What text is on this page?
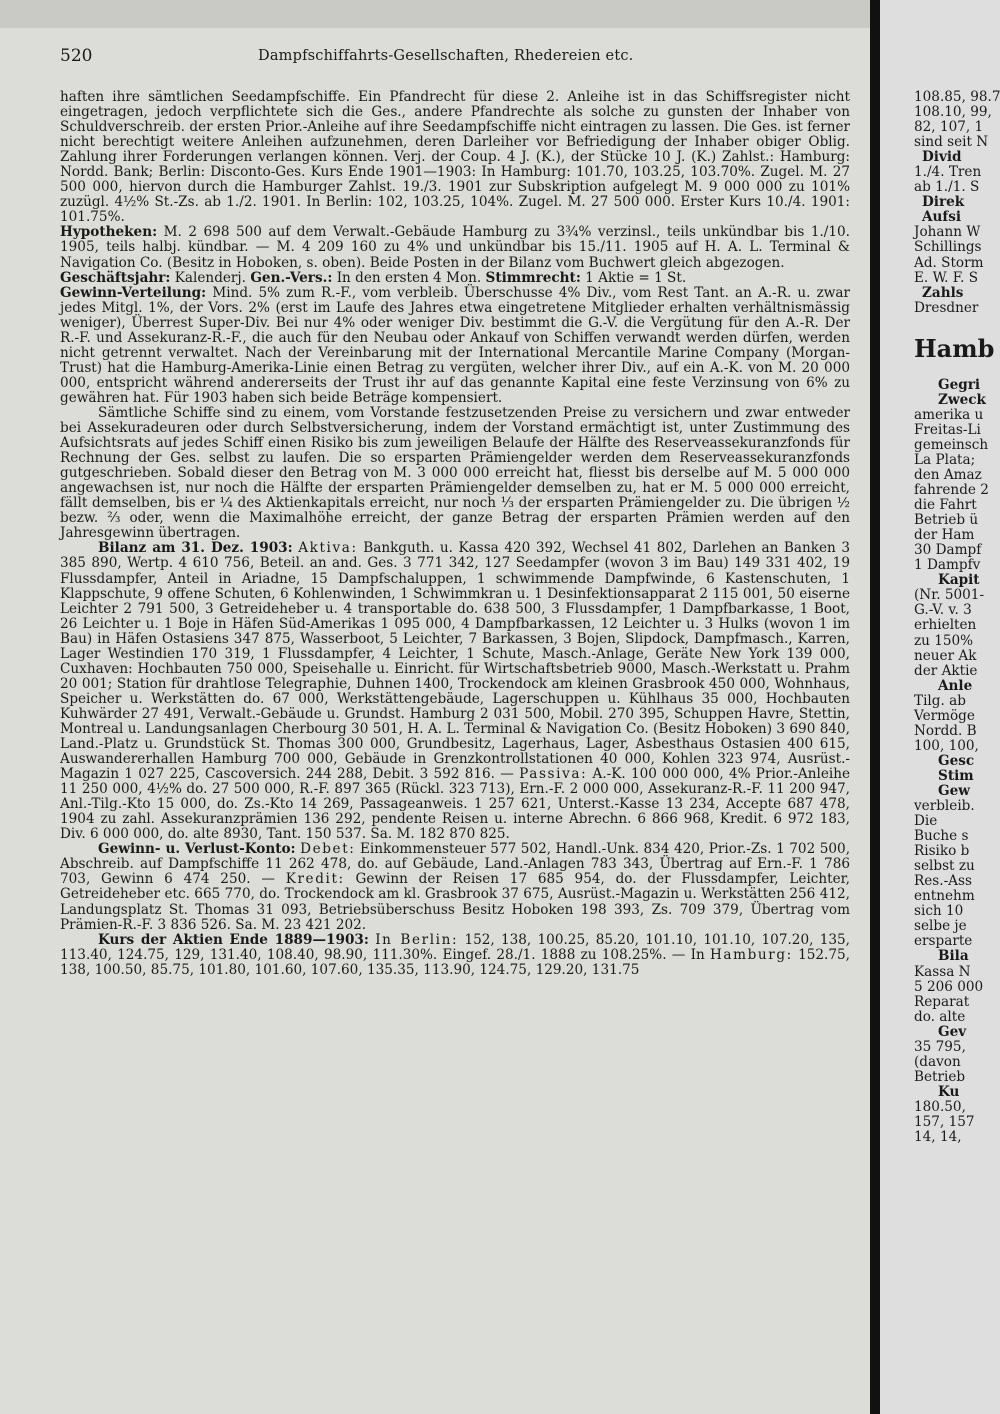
520	Dampfschiffahrts-Gesellschaften, Rhedereien etc.

haften ihre sämtlichen Seedampfschiffe. Ein Pfandrecht für diese 2. Anleihe ist in das Schiffsregister nicht eingetragen, jedoch verpflichtete sich die Ges., andere Pfandrechte als solche zu gunsten der Inhaber von Schuldverschreib. der ersten Prior.-Anleihe auf ihre Seedampfschiffe nicht eintragen zu lassen. Die Ges. ist ferner nicht berechtigt weitere Anleihen aufzunehmen, deren Darleiher vor Befriedigung der Inhaber obiger Oblig. Zahlung ihrer Forderungen verlangen können. Verj. der Coup. 4 J. (K.), der Stücke 10 J. (K.) Zahlst.: Hamburg: Nordd. Bank; Berlin: Disconto-Ges. Kurs Ende 1901—1903: In Hamburg: 101.70, 103.25, 103.70%. Zugel. M. 27 500 000, hiervon durch die Hamburger Zahlst. 19./3. 1901 zur Subskription aufgelegt M. 9 000 000 zu 101% zuzügl. 4½% St.-Zs. ab 1./2. 1901. In Berlin: 102, 103.25, 104%. Zugel. M. 27 500 000. Erster Kurs 10./4. 1901: 101.75%.

Hypotheken: M. 2 698 500 auf dem Verwalt.-Gebäude Hamburg zu 3¾% verzinsl., teils unkündbar bis 1./10. 1905, teils halbj. kündbar. — M. 4 209 160 zu 4% und unkündbar bis 15./11. 1905 auf H. A. L. Terminal & Navigation Co. (Besitz in Hoboken, s. oben). Beide Posten in der Bilanz vom Buchwert gleich abgezogen.

Geschäftsjahr: Kalenderj. Gen.-Vers.: In den ersten 4 Mon. Stimmrecht: 1 Aktie = 1 St.

Gewinn-Verteilung: Mind. 5% zum R.-F., vom verbleib. Überschusse 4% Div., vom Rest Tant. an A.-R. u. zwar jedes Mitgl. 1%, der Vors. 2% (erst im Laufe des Jahres etwa eingetretene Mitglieder erhalten verhältnismässig weniger), Überrest Super-Div. Bei nur 4% oder weniger Div. bestimmt die G.-V. die Vergütung für den A.-R. Der R.-F. und Assekuranz-R.-F., die auch für den Neubau oder Ankauf von Schiffen verwandt werden dürfen, werden nicht getrennt verwaltet. Nach der Vereinbarung mit der International Mercantile Marine Company (Morgan-Trust) hat die Hamburg-Amerika-Linie einen Betrag zu vergüten, welcher ihrer Div., auf ein A.-K. von M. 20 000 000, entspricht während andererseits der Trust ihr auf das genannte Kapital eine feste Verzinsung von 6% zu gewähren hat. Für 1903 haben sich beide Beträge kompensiert.

Sämtliche Schiffe sind zu einem, vom Vorstande festzusetzenden Preise zu versichern und zwar entweder bei Assekuradeuren oder durch Selbstversicherung, indem der Vorstand ermächtigt ist, unter Zustimmung des Aufsichtsrats auf jedes Schiff einen Risiko bis zum jeweiligen Belaufe der Hälfte des Reserveassekuranzfonds für Rechnung der Ges. selbst zu laufen. Die so ersparten Prämiengelder werden dem Reserveassekuranzfonds gutgeschrieben. Sobald dieser den Betrag von M. 3 000 000 erreicht hat, fliesst bis derselbe auf M. 5 000 000 angewachsen ist, nur noch die Hälfte der ersparten Prämiengelder demselben zu, hat er M. 5 000 000 erreicht, fällt demselben, bis er ¼ des Aktienkapitals erreicht, nur noch ⅓ der ersparten Prämiengelder zu. Die übrigen ½ bezw. ⅔ oder, wenn die Maximalhöhe erreicht, der ganze Betrag der ersparten Prämien werden auf den Jahresgewinn übertragen.

Bilanz am 31. Dez. 1903: Aktiva: Bankguth. u. Kassa 420 392, Wechsel 41 802, Darlehen an Banken 3 385 890, Wertp. 4 610 756, Beteil. an and. Ges. 3 771 342, 127 Seedampfer (wovon 3 im Bau) 149 331 402, 19 Flussdampfer, Anteil in Ariadne, 15 Dampfschaluppen, 1 schwimmende Dampfwinde, 6 Kastenschuten, 1 Klappschute, 9 offene Schuten, 6 Kohlenwinden, 1 Schwimmkran u. 1 Desinfektionsapparat 2 115 001, 50 eiserne Leichter 2 791 500, 3 Getreideheber u. 4 transportable do. 638 500, 3 Flussdampfer, 1 Dampfbarkasse, 1 Boot, 26 Leichter u. 1 Boje in Häfen Süd-Amerikas 1 095 000, 4 Dampfbarkassen, 12 Leichter u. 3 Hulks (wovon 1 im Bau) in Häfen Ostasiens 347 875, Wasserboot, 5 Leichter, 7 Barkassen, 3 Bojen, Slipdock, Dampfmasch., Karren, Lager Westindien 170 319, 1 Flussdampfer, 4 Leichter, 1 Schute, Masch.-Anlage, Geräte New York 139 000, Cuxhaven: Hochbauten 750 000, Speisehalle u. Einricht. für Wirtschaftsbetrieb 9000, Masch.-Werkstatt u. Prahm 20 001; Station für drahtlose Telegraphie, Duhnen 1400, Trockendock am kleinen Grasbrook 450 000, Wohnhaus, Speicher u. Werkstätten do. 67 000, Werkstättengebäude, Lagerschuppen u. Kühlhaus 35 000, Hochbauten Kuhwärder 27 491, Verwalt.-Gebäude u. Grundst. Hamburg 2 031 500, Mobil. 270 395, Schuppen Havre, Stettin, Montreal u. Landungsanlagen Cherbourg 30 501, H. A. L. Terminal & Navigation Co. (Besitz Hoboken) 3 690 840, Land.-Platz u. Grundstück St. Thomas 300 000, Grundbesitz, Lagerhaus, Lager, Asbesthaus Ostasien 400 615, Auswandererhallen Hamburg 700 000, Gebäude in Grenzkontrollstationen 40 000, Kohlen 323 974, Ausrüst.-Magazin 1 027 225, Cascoversich. 244 288, Debit. 3 592 816. — Passiva: A.-K. 100 000 000, 4% Prior.-Anleihe 11 250 000, 4½% do. 27 500 000, R.-F. 897 365 (Rückl. 323 713), Ern.-F. 2 000 000, Assekuranz-R.-F. 11 200 947, Anl.-Tilg.-Kto 15 000, do. Zs.-Kto 14 269, Passageanweis. 1 257 621, Unterst.-Kasse 13 234, Accepte 687 478, 1904 zu zahl. Assekuranzprämien 136 292, pendente Reisen u. interne Abrechn. 6 866 968, Kredit. 6 972 183, Div. 6 000 000, do. alte 8930, Tant. 150 537. Sa. M. 182 870 825.

Gewinn- u. Verlust-Konto: Debet: Einkommensteuer 577 502, Handl.-Unk. 834 420, Prior.-Zs. 1 702 500, Abschreib. auf Dampfschiffe 11 262 478, do. auf Gebäude, Land.-Anlagen 783 343, Übertrag auf Ern.-F. 1 786 703, Gewinn 6 474 250. — Kredit: Gewinn der Reisen 17 685 954, do. der Flussdampfer, Leichter, Getreideheber etc. 665 770, do. Trockendock am kl. Grasbrook 37 675, Ausrüst.-Magazin u. Werkstätten 256 412, Landungsplatz St. Thomas 31 093, Betriebsüberschuss Besitz Hoboken 198 393, Zs. 709 379, Übertrag vom Prämien-R.-F. 3 836 526. Sa. M. 23 421 202.

Kurs der Aktien Ende 1889—1903: In Berlin: 152, 138, 100.25, 85.20, 101.10, 101.10, 107.20, 135, 113.40, 124.75, 129, 131.40, 108.40, 98.90, 111.30%. Eingef. 28./1. 1888 zu 108.25%. — In Hamburg: 152.75, 138, 100.50, 85.75, 101.80, 101.60, 107.60, 135.35, 113.90, 124.75, 129.20, 131.75

108.85, 98.7
108.10, 99,
82, 107, 1
sind seit N
Divid
1./4. Tren
ab 1./1. S
Direk
Aufsi
Johann W
Schillings
Ad. Storm
E. W. F. S
Zahls
Dresdner
Hamb
Gegri
Zweck
amerika u
Freitas-Li
gemeinsch
La Plata;
den Amaz
fahrende 2
die Fahrt
Betrieb ü
der Ham
30 Dampf
1 Dampfv
Kapit
(Nr. 5001-
G.-V. v. 3
erhielten
zu 150%
neuer Ak
der Aktie
Anle
Tilg. ab
Vermöge
Nordd. B
100, 100,
Gesc
Stim
Gew
verbleib.
Die
Buche s
Risiko b
selbst zu
Res.-Ass
entnehm
sich 10
selbe je
ersparte
Bila
Kassa N
5 206 000
Reparat
do. alte
Gev
35 795,
(davon
Betrieb
Ku
180.50,
157, 157
14, 14,
